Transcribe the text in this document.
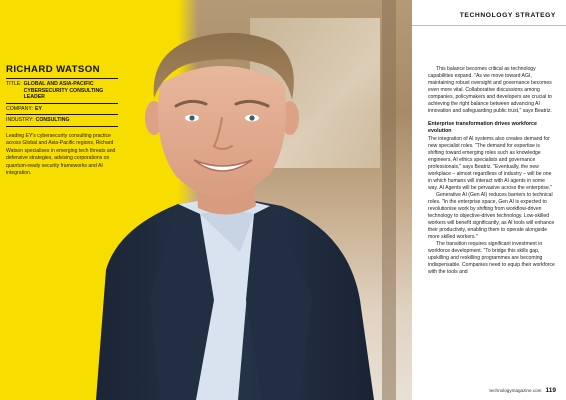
RICHARD WATSON
TITLE: GLOBAL AND ASIA-PACIFIC CYBERSECURITY CONSULTING LEADER
COMPANY: EY
INDUSTRY: CONSULTING

Leading EY's cybersecurity consulting practice across Global and Asia-Pacific regions, Richard Watson specialises in emerging tech threats and defensive strategies, advising corporations on quantum-ready security frameworks and AI integration.

TECHNOLOGY STRATEGY

This balance becomes critical as technology capabilities expand. "As we move toward AGI, maintaining robust oversight and governance becomes even more vital. Collaborative discussions among companies, policymakers and developers are crucial to achieving the right balance between advancing AI innovation and safeguarding public trust," says Beatriz.

Enterprise transformation drives workforce evolution

The integration of AI systems also creates demand for new specialist roles. "The demand for expertise is shifting toward emerging roles such as knowledge engineers, AI ethics specialists and governance professionals," says Beatriz. "Eventually, the new workplace – almost regardless of industry – will be one in which humans will interact with AI agents in some way. AI Agents will be pervasive across the enterprise."

Generative AI (Gen AI) reduces barriers to technical roles. "In the enterprise space, Gen AI is expected to revolutionise work by shifting from workflow-driven technology to objective-driven technology. Low-skilled workers will benefit significantly, as AI tools will enhance their productivity, enabling them to operate alongside more skilled workers."

The transition requires significant investment in workforce development. "To bridge this skills gap, upskilling and reskilling programmes are becoming indispensable. Companies need to equip their workforce with the tools and

technologymagazine.com 119
